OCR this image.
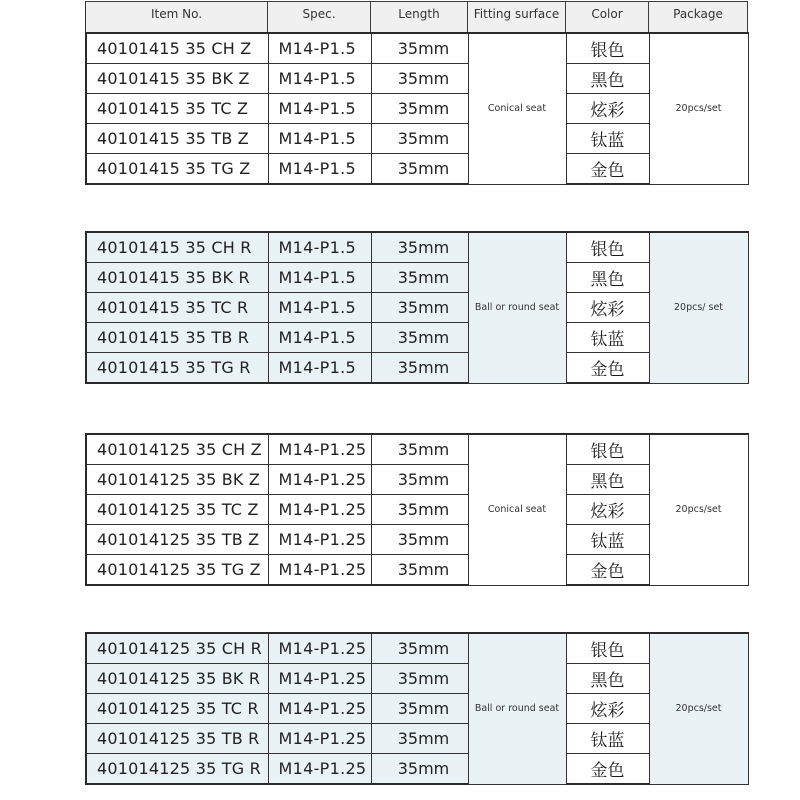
Item No.	Spec.	Length	Fitting surface	Color	Package
40101415 35 CH Z	M14-P1.5	35mm	Conical seat	银色	20pcs/set
40101415 35 BK Z	M14-P1.5	35mm		黑色	
40101415 35 TC Z	M14-P1.5	35mm		炫彩	
40101415 35 TB Z	M14-P1.5	35mm		钛蓝	
40101415 35 TG Z	M14-P1.5	35mm		金色	
40101415 35 CH R	M14-P1.5	35mm	Ball or round seat	银色	20pcs/ set
40101415 35 BK R	M14-P1.5	35mm		黑色	
40101415 35 TC R	M14-P1.5	35mm		炫彩	
40101415 35 TB R	M14-P1.5	35mm		钛蓝	
40101415 35 TG R	M14-P1.5	35mm		金色	
401014125 35 CH Z	M14-P1.25	35mm	Conical seat	银色	20pcs/set
401014125 35 BK Z	M14-P1.25	35mm		黑色	
401014125 35 TC Z	M14-P1.25	35mm		炫彩	
401014125 35 TB Z	M14-P1.25	35mm		钛蓝	
401014125 35 TG Z	M14-P1.25	35mm		金色	
401014125 35 CH R	M14-P1.25	35mm	Ball or round seat	银色	20pcs/set
401014125 35 BK R	M14-P1.25	35mm		黑色	
401014125 35 TC R	M14-P1.25	35mm		炫彩	
401014125 35 TB R	M14-P1.25	35mm		钛蓝	
401014125 35 TG R	M14-P1.25	35mm		金色	
